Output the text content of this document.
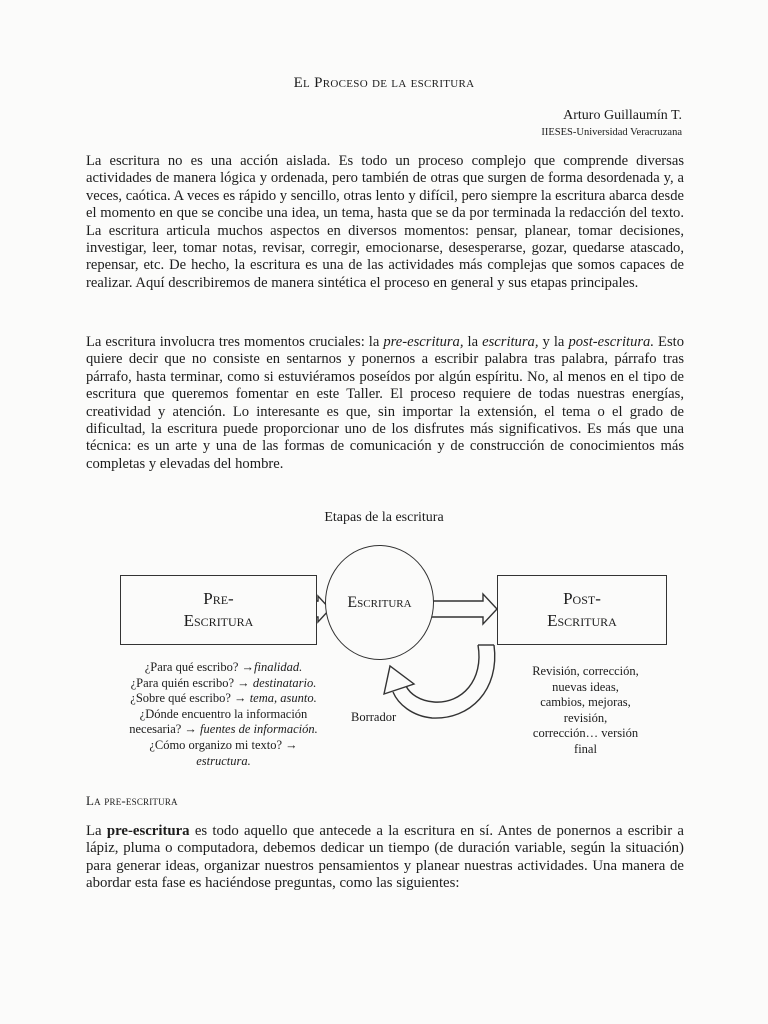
El Proceso de la escritura
Arturo Guillaumín T.
IIESES-Universidad Veracruzana

La escritura no es una acción aislada. Es todo un proceso complejo que comprende diversas actividades de manera lógica y ordenada, pero también de otras que surgen de forma desordenada y, a veces, caótica. A veces es rápido y sencillo, otras lento y difícil, pero siempre la escritura abarca desde el momento en que se concibe una idea, un tema, hasta que se da por terminada la redacción del texto. La escritura articula muchos aspectos en diversos momentos: pensar, planear, tomar decisiones, investigar, leer, tomar notas, revisar, corregir, emocionarse, desesperarse, gozar, quedarse atascado, repensar, etc. De hecho, la escritura es una de las actividades más complejas que somos capaces de realizar. Aquí describiremos de manera sintética el proceso en general y sus etapas principales.

La escritura involucra tres momentos cruciales: la pre-escritura, la escritura, y la post-escritura. Esto quiere decir que no consiste en sentarnos y ponernos a escribir palabra tras palabra, párrafo tras párrafo, hasta terminar, como si estuviéramos poseídos por algún espíritu. No, al menos en el tipo de escritura que queremos fomentar en este Taller. El proceso requiere de todas nuestras energías, creatividad y atención. Lo interesante es que, sin importar la extensión, el tema o el grado de dificultad, la escritura puede proporcionar uno de los disfrutes más significativos. Es más que una técnica: es un arte y una de las formas de comunicación y de construcción de conocimientos más completas y elevadas del hombre.

Etapas de la escritura
Pre-
Escritura
Escritura	Post-
Escritura
¿Para qué escribo? →finalidad.
¿Para quién escribo? → destinatario.
¿Sobre qué escribo? → tema, asunto.
¿Dónde encuentro la información
necesaria? → fuentes de información.
¿Cómo organizo mi texto? →
estructura.
Borrador
Revisión, corrección,
nuevas ideas,
cambios, mejoras,
revisión,
corrección… versión
final
La pre-escritura

La pre-escritura es todo aquello que antecede a la escritura en sí. Antes de ponernos a escribir a lápiz, pluma o computadora, debemos dedicar un tiempo (de duración variable, según la situación) para generar ideas, organizar nuestros pensamientos y planear nuestras actividades. Una manera de abordar esta fase es haciéndose preguntas, como las siguientes:
